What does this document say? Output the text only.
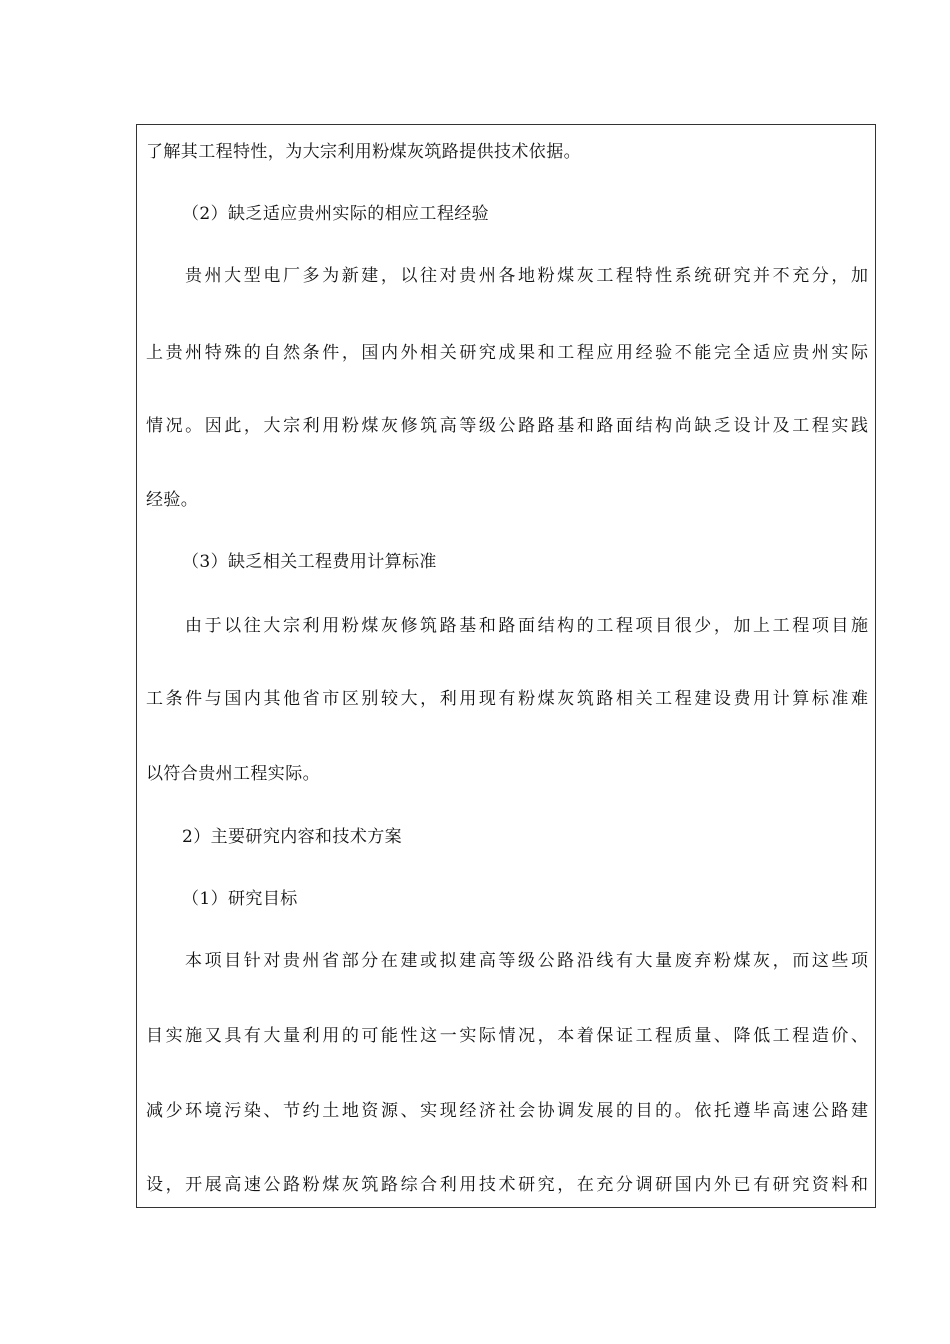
了解其工程特性，为大宗利用粉煤灰筑路提供技术依据。
（2）缺乏适应贵州实际的相应工程经验
贵州大型电厂多为新建，以往对贵州各地粉煤灰工程特性系统研究并不充分，加
上贵州特殊的自然条件，国内外相关研究成果和工程应用经验不能完全适应贵州实际
情况。因此，大宗利用粉煤灰修筑高等级公路路基和路面结构尚缺乏设计及工程实践
经验。
（3）缺乏相关工程费用计算标准
由于以往大宗利用粉煤灰修筑路基和路面结构的工程项目很少，加上工程项目施
工条件与国内其他省市区别较大，利用现有粉煤灰筑路相关工程建设费用计算标准难
以符合贵州工程实际。
2）主要研究内容和技术方案
（1）研究目标
本项目针对贵州省部分在建或拟建高等级公路沿线有大量废弃粉煤灰，而这些项
目实施又具有大量利用的可能性这一实际情况，本着保证工程质量、降低工程造价、
减少环境污染、节约土地资源、实现经济社会协调发展的目的。依托遵毕高速公路建
设，开展高速公路粉煤灰筑路综合利用技术研究，在充分调研国内外已有研究资料和
